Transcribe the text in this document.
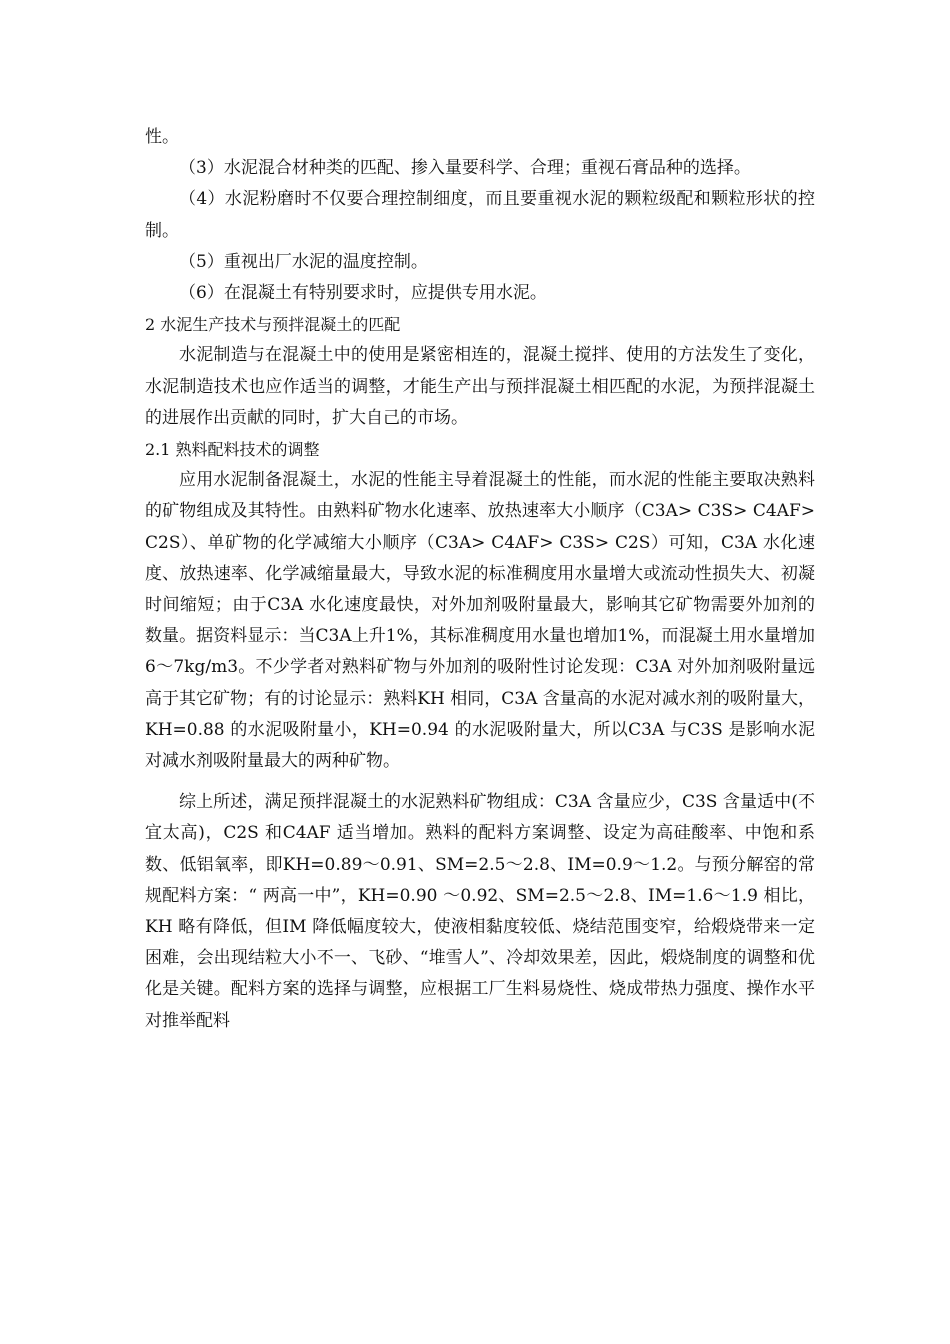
性。

（3）水泥混合材种类的匹配、掺入量要科学、合理；重视石膏品种的选择。

（4）水泥粉磨时不仅要合理控制细度，而且要重视水泥的颗粒级配和颗粒形状的控制。

（5）重视出厂水泥的温度控制。

（6）在混凝土有特别要求时，应提供专用水泥。

2 水泥生产技术与预拌混凝土的匹配

水泥制造与在混凝土中的使用是紧密相连的，混凝土搅拌、使用的方法发生了变化，水泥制造技术也应作适当的调整，才能生产出与预拌混凝土相匹配的水泥，为预拌混凝土的进展作出贡献的同时，扩大自己的市场。

2.1 熟料配料技术的调整

应用水泥制备混凝土，水泥的性能主导着混凝土的性能，而水泥的性能主要取决熟料的矿物组成及其特性。由熟料矿物水化速率、放热速率大小顺序（C3A> C3S> C4AF> C2S）、单矿物的化学减缩大小顺序（C3A> C4AF> C3S> C2S）可知，C3A 水化速度、放热速率、化学减缩量最大，导致水泥的标准稠度用水量增大或流动性损失大、初凝时间缩短；由于C3A 水化速度最快，对外加剂吸附量最大，影响其它矿物需要外加剂的数量。据资料显示：当C3A上升1%，其标准稠度用水量也增加1%，而混凝土用水量增加6～7kg/m3。不少学者对熟料矿物与外加剂的吸附性讨论发现：C3A 对外加剂吸附量远高于其它矿物；有的讨论显示：熟料KH 相同，C3A 含量高的水泥对减水剂的吸附量大，KH=0.88 的水泥吸附量小，KH=0.94 的水泥吸附量大，所以C3A 与C3S 是影响水泥对减水剂吸附量最大的两种矿物。

综上所述，满足预拌混凝土的水泥熟料矿物组成：C3A 含量应少，C3S 含量适中(不宜太高)，C2S 和C4AF 适当增加。熟料的配料方案调整、设定为高硅酸率、中饱和系数、低铝氧率，即KH=0.89～0.91、SM=2.5～2.8、IM=0.9～1.2。与预分解窑的常规配料方案：“ 两高一中”，KH=0.90 ～0.92、SM=2.5～2.8、IM=1.6～1.9 相比，KH 略有降低，但IM 降低幅度较大，使液相黏度较低、烧结范围变窄，给煅烧带来一定困难，会出现结粒大小不一、飞砂、“堆雪人”、冷却效果差，因此，煅烧制度的调整和优化是关键。配料方案的选择与调整，应根据工厂生料易烧性、烧成带热力强度、操作水平对推举配料
